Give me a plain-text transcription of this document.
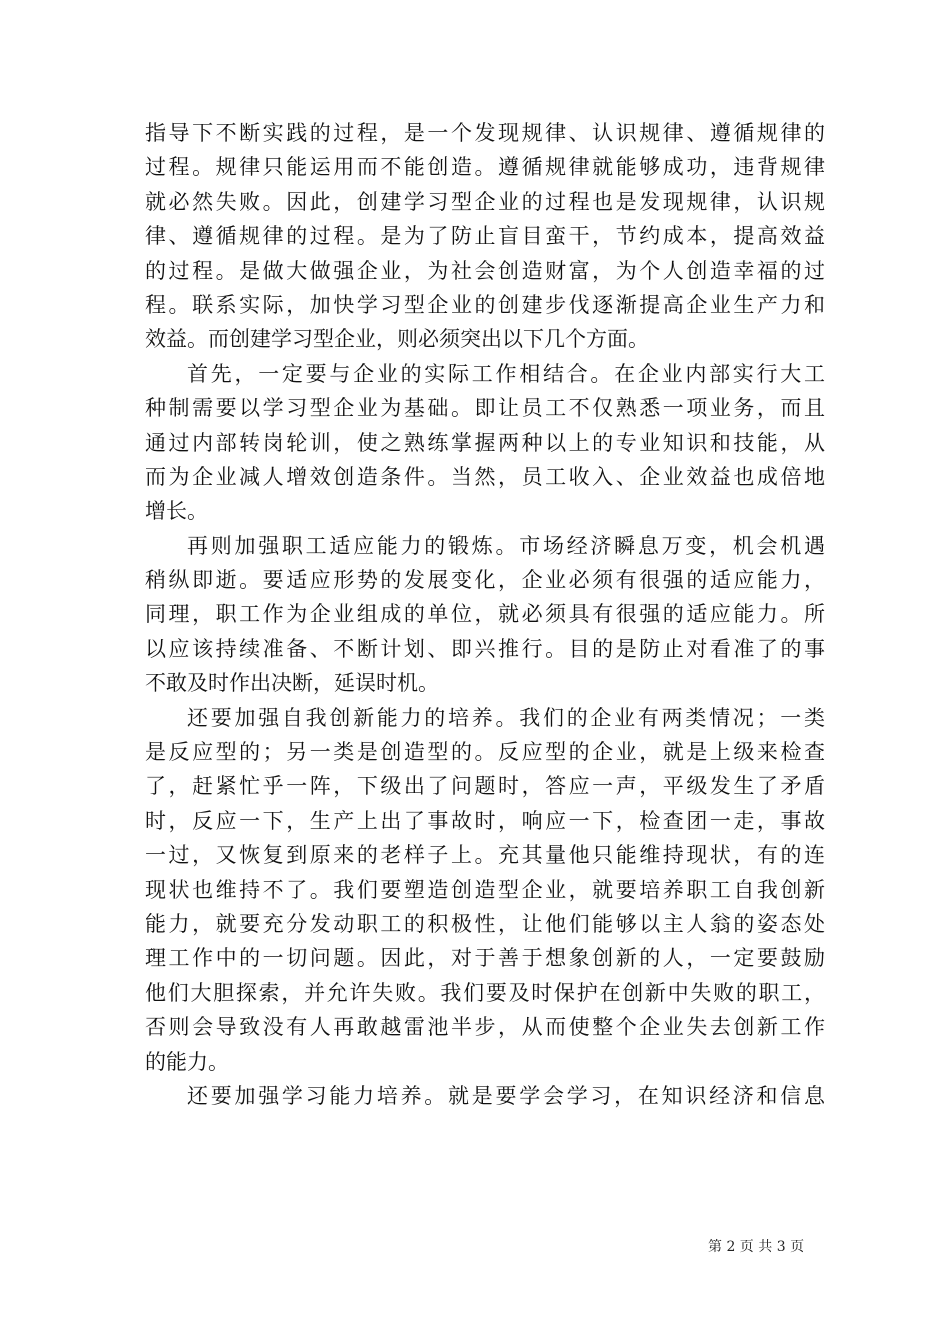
指导下不断实践的过程，是一个发现规律、认识规律、遵循规律的
过程。规律只能运用而不能创造。遵循规律就能够成功，违背规律
就必然失败。因此，创建学习型企业的过程也是发现规律，认识规
律、遵循规律的过程。是为了防止盲目蛮干，节约成本，提高效益
的过程。是做大做强企业，为社会创造财富，为个人创造幸福的过
程。联系实际，加快学习型企业的创建步伐逐渐提高企业生产力和
效益。而创建学习型企业，则必须突出以下几个方面。
首先，一定要与企业的实际工作相结合。在企业内部实行大工
种制需要以学习型企业为基础。即让员工不仅熟悉一项业务，而且
通过内部转岗轮训，使之熟练掌握两种以上的专业知识和技能，从
而为企业减人增效创造条件。当然，员工收入、企业效益也成倍地
增长。
再则加强职工适应能力的锻炼。市场经济瞬息万变，机会机遇
稍纵即逝。要适应形势的发展变化，企业必须有很强的适应能力，
同理，职工作为企业组成的单位，就必须具有很强的适应能力。所
以应该持续准备、不断计划、即兴推行。目的是防止对看准了的事
不敢及时作出决断，延误时机。
还要加强自我创新能力的培养。我们的企业有两类情况；一类
是反应型的；另一类是创造型的。反应型的企业，就是上级来检查
了，赶紧忙乎一阵，下级出了问题时，答应一声，平级发生了矛盾
时，反应一下，生产上出了事故时，响应一下，检查团一走，事故
一过，又恢复到原来的老样子上。充其量他只能维持现状，有的连
现状也维持不了。我们要塑造创造型企业，就要培养职工自我创新
能力，就要充分发动职工的积极性，让他们能够以主人翁的姿态处
理工作中的一切问题。因此，对于善于想象创新的人，一定要鼓励
他们大胆探索，并允许失败。我们要及时保护在创新中失败的职工，
否则会导致没有人再敢越雷池半步，从而使整个企业失去创新工作
的能力。
还要加强学习能力培养。就是要学会学习，在知识经济和信息
第 2 页 共 3 页
